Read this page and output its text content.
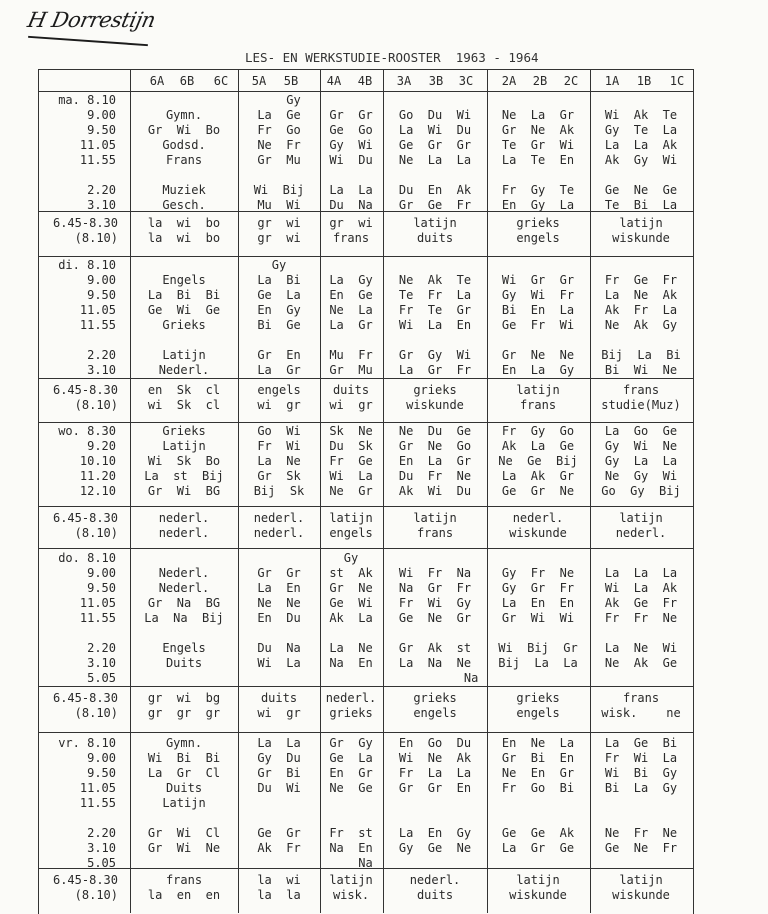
H Dorrestijn
LES- EN WERKSTUDIE-ROOSTER  1963 - 1964
6A 6B 6C 5A 5B 4A 4B 3A 3B 3C 2A 2B 2C 1A 1B 1C
ma. 8.10
9.00
9.50
11.05
11.55
2.20
3.10
Gymn.
Gr  Wi  Bo
Godsd.
Frans
Muziek
Gesch.
Gy
La  Ge
Fr  Go
Ne  Fr
Gr  Mu
Wi  Bij
Mu  Wi
Gr  Gr
Ge  Go
Gy  Wi
Wi  Du
La  La
Du  Na
Go  Du  Wi
La  Wi  Du
Ge  Gr  Gr
Ne  La  La
Du  En  Ak
Gr  Ge  Fr
Ne  La  Gr
Gr  Ne  Ak
Te  Gr  Wi
La  Te  En
Fr  Gy  Te
En  Gy  La
Wi  Ak  Te
Gy  Te  La
La  La  Ak
Ak  Gy  Wi
Ge  Ne  Ge
Te  Bi  La
6.45-8.30
(8.10)
la  wi  bo
la  wi  bo
gr  wi
gr  wi
gr  wi
frans
latijn
duits
grieks
engels
latijn
wiskunde
di. 8.10
9.00
9.50
11.05
11.55
2.20
3.10
Engels
La  Bi  Bi
Ge  Wi  Ge
Grieks
Latijn
Nederl.
Gy
La  Bi
Ge  La
En  Gy
Bi  Ge
Gr  En
La  Gr
La  Gy
En  Ge
Ne  La
La  Gr
Mu  Fr
Gr  Mu
Ne  Ak  Te
Te  Fr  La
Fr  Te  Gr
Wi  La  En
Gr  Gy  Wi
La  Gr  Fr
Wi  Gr  Gr
Gy  Wi  Fr
Bi  En  La
Ge  Fr  Wi
Gr  Ne  Ne
En  La  Gy
Fr  Ge  Fr
La  Ne  Ak
Ak  Fr  La
Ne  Ak  Gy
Bij  La  Bi
Bi  Wi  Ne
6.45-8.30
(8.10)
en  Sk  cl
wi  Sk  cl
engels
wi  gr
duits
wi  gr
grieks
wiskunde
latijn
frans
frans
studie(Muz)
wo. 8.30
9.20
10.10
11.20
12.10
Grieks
Latijn
Wi  Sk  Bo
La  st  Bij
Gr  Wi  BG
Go  Wi
Fr  Wi
La  Ne
Gr  Sk
Bij  Sk
Sk  Ne
Du  Sk
Fr  Ge
Wi  La
Ne  Gr
Ne  Du  Ge
Gr  Ne  Go
En  La  Gr
Du  Fr  Ne
Ak  Wi  Du
Fr  Gy  Go
Ak  La  Ge
Ne  Ge  Bij
La  Ak  Gr
Ge  Gr  Ne
La  Go  Ge
Gy  Wi  Ne
Gy  La  La
Ne  Gy  Wi
Go  Gy  Bij
6.45-8.30
(8.10)
nederl.
nederl.
nederl.
nederl.
latijn
engels
latijn
frans
nederl.
wiskunde
latijn
nederl.
do. 8.10
9.00
9.50
11.05
11.55
2.20
3.10
5.05
Nederl.
Nederl.
Gr  Na  BG
La  Na  Bij
Engels
Duits
Gr  Gr
La  En
Ne  Ne
En  Du
Du  Na
Wi  La
Gy
st  Ak
Gr  Ne
Ge  Wi
Ak  La
La  Ne
Na  En
Wi  Fr  Na
Na  Gr  Fr
Fr  Wi  Gy
Ge  Ne  Gr
Gr  Ak  st
La  Na  Ne
Na
Gy  Fr  Ne
Gy  Gr  Fr
La  En  En
Gr  Wi  Wi
Wi  Bij  Gr
Bij  La  La
La  La  La
Wi  La  Ak
Ak  Ge  Fr
Fr  Fr  Ne
La  Ne  Wi
Ne  Ak  Ge
6.45-8.30
(8.10)
gr  wi  bg
gr  gr  gr
duits
wi  gr
nederl.
grieks
grieks
engels
grieks
engels
frans
wisk.    ne
vr. 8.10
9.00
9.50
11.05
11.55
2.20
3.10
5.05
Gymn.
Wi  Bi  Bi
La  Gr  Cl
Duits
Latijn
Gr  Wi  Cl
Gr  Wi  Ne
La  La
Gy  Du
Gr  Bi
Du  Wi
Ge  Gr
Ak  Fr
Gr  Gy
Ge  La
En  Gr
Ne  Ge
Fr  st
Na  En
Na
En  Go  Du
Wi  Ne  Ak
Fr  La  La
Gr  Gr  En
La  En  Gy
Gy  Ge  Ne
En  Ne  La
Gr  Bi  En
Ne  En  Gr
Fr  Go  Bi
Ge  Ge  Ak
La  Gr  Ge
La  Ge  Bi
Fr  Wi  La
Wi  Bi  Gy
Bi  La  Gy
Ne  Fr  Ne
Ge  Ne  Fr
6.45-8.30
(8.10)
frans
la  en  en
la  wi
la  la
latijn
wisk.
nederl.
duits
latijn
wiskunde
latijn
wiskunde
